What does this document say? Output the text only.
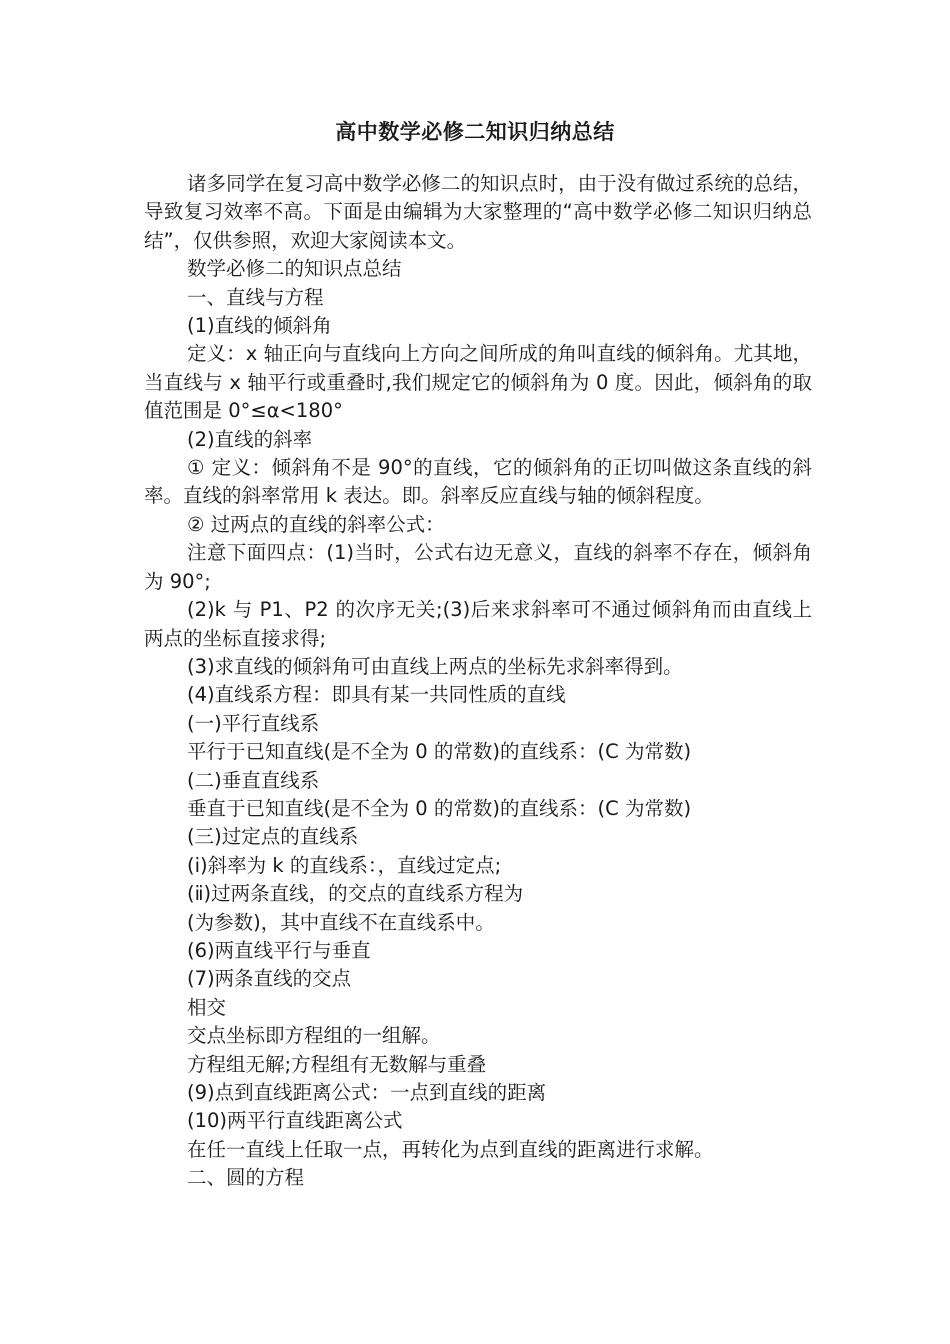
高中数学必修二知识归纳总结

诸多同学在复习高中数学必修二的知识点时，由于没有做过系统的总结，导致复习效率不高。下面是由编辑为大家整理的“高中数学必修二知识归纳总结”，仅供参照，欢迎大家阅读本文。

数学必修二的知识点总结

一、直线与方程

(1)直线的倾斜角

定义：x 轴正向与直线向上方向之间所成的角叫直线的倾斜角。尤其地，当直线与 x 轴平行或重叠时,我们规定它的倾斜角为 0 度。因此，倾斜角的取值范围是 0°≤α<180°

(2)直线的斜率

① 定义：倾斜角不是 90°的直线，它的倾斜角的正切叫做这条直线的斜率。直线的斜率常用 k 表达。即。斜率反应直线与轴的倾斜程度。

② 过两点的直线的斜率公式：

注意下面四点：(1)当时，公式右边无意义，直线的斜率不存在，倾斜角为 90°;

(2)k 与 P1、P2 的次序无关;(3)后来求斜率可不通过倾斜角而由直线上两点的坐标直接求得;

(3)求直线的倾斜角可由直线上两点的坐标先求斜率得到。

(4)直线系方程：即具有某一共同性质的直线

(一)平行直线系

平行于已知直线(是不全为 0 的常数)的直线系：(C 为常数)

(二)垂直直线系

垂直于已知直线(是不全为 0 的常数)的直线系：(C 为常数)

(三)过定点的直线系

(ⅰ)斜率为 k 的直线系：，直线过定点;

(ⅱ)过两条直线，的交点的直线系方程为

(为参数)，其中直线不在直线系中。

(6)两直线平行与垂直

(7)两条直线的交点

相交

交点坐标即方程组的一组解。

方程组无解;方程组有无数解与重叠

(9)点到直线距离公式：一点到直线的距离

(10)两平行直线距离公式

在任一直线上任取一点，再转化为点到直线的距离进行求解。

二、圆的方程
